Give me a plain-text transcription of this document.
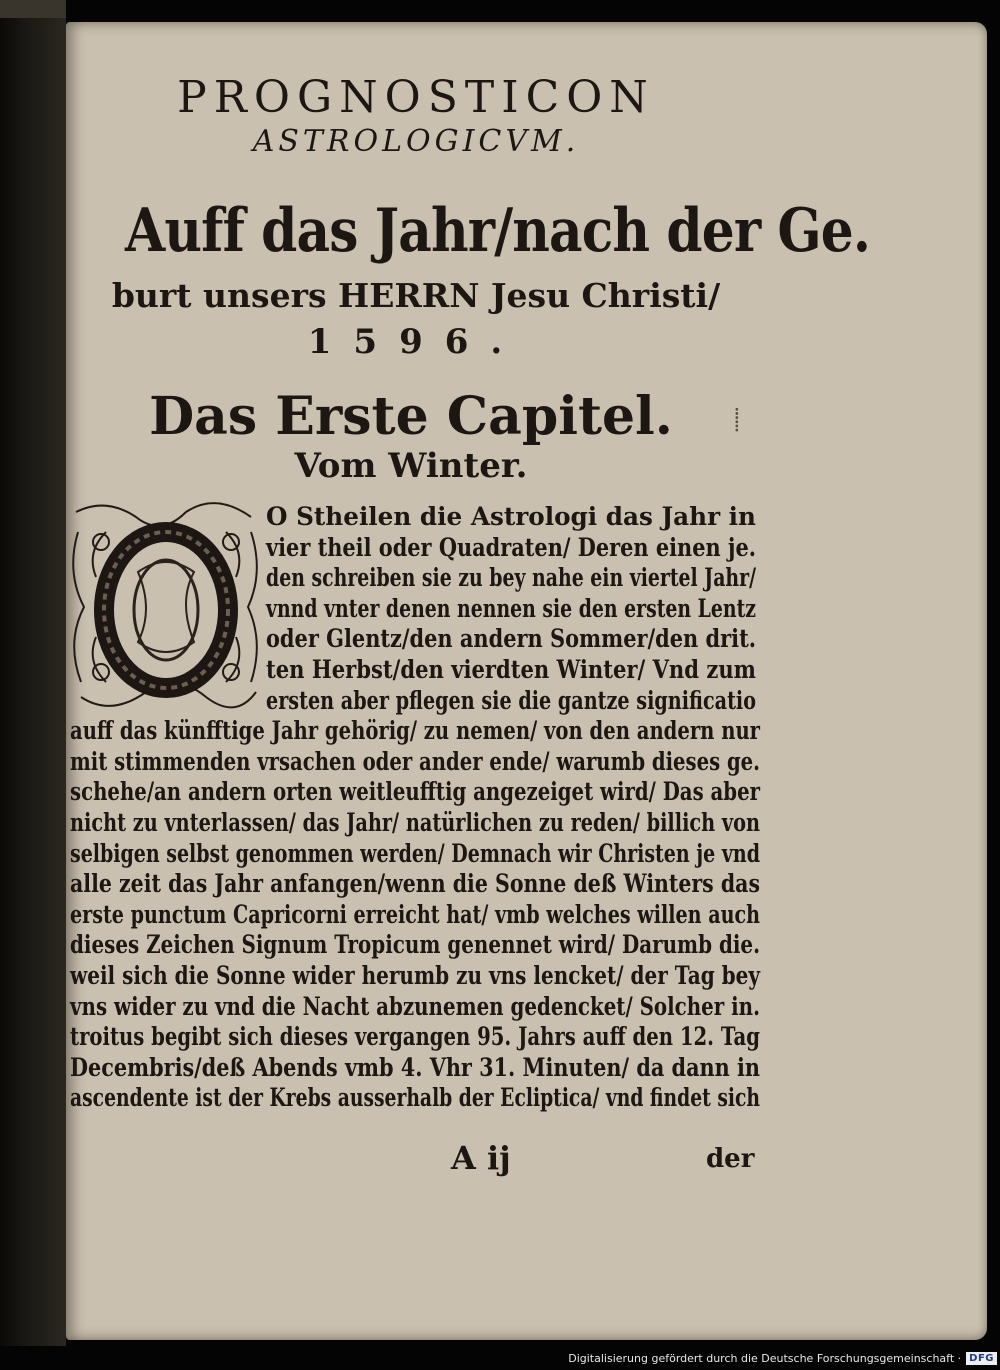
PROGNOSTICON
ASTROLOGICVM.
Auff das Jahr/nach der Ge.
burt unsers HERRN Jesu Christi/
1596.
Das Erste Capitel.	⸽
Vom Winter.
O Stheilen die Astrologi das Jahr in
vier theil oder Quadraten/ Deren einen je.
den schreiben sie zu bey nahe ein viertel Jahr/
vnnd vnter denen nennen sie den ersten Lentz
oder Glentz/den andern Sommer/den drit.
ten Herbst/den vierdten Winter/ Vnd zum
ersten aber pflegen sie die gantze significatio
auff das künfftige Jahr gehörig/ zu nemen/ von den andern nur
mit stimmenden vrsachen oder ander ende/ warumb dieses ge.
schehe/an andern orten weitleufftig angezeiget wird/ Das aber
nicht zu vnterlassen/ das Jahr/ natürlichen zu reden/ billich von
selbigen selbst genommen werden/ Demnach wir Christen je vnd
alle zeit das Jahr anfangen/wenn die Sonne deß Winters das
erste punctum Capricorni erreicht hat/ vmb welches willen auch
dieses Zeichen Signum Tropicum genennet wird/ Darumb die.
weil sich die Sonne wider herumb zu vns lencket/ der Tag bey
vns wider zu vnd die Nacht abzunemen gedencket/ Solcher in.
troitus begibt sich dieses vergangen 95. Jahrs auff den 12. Tag
Decembris/deß Abends vmb 4. Vhr 31. Minuten/ da dann in
ascendente ist der Krebs ausserhalb der Ecliptica/ vnd findet sich
A ij	der
Digitalisierung gefördert durch die Deutsche Forschungsgemeinschaft · DFG
